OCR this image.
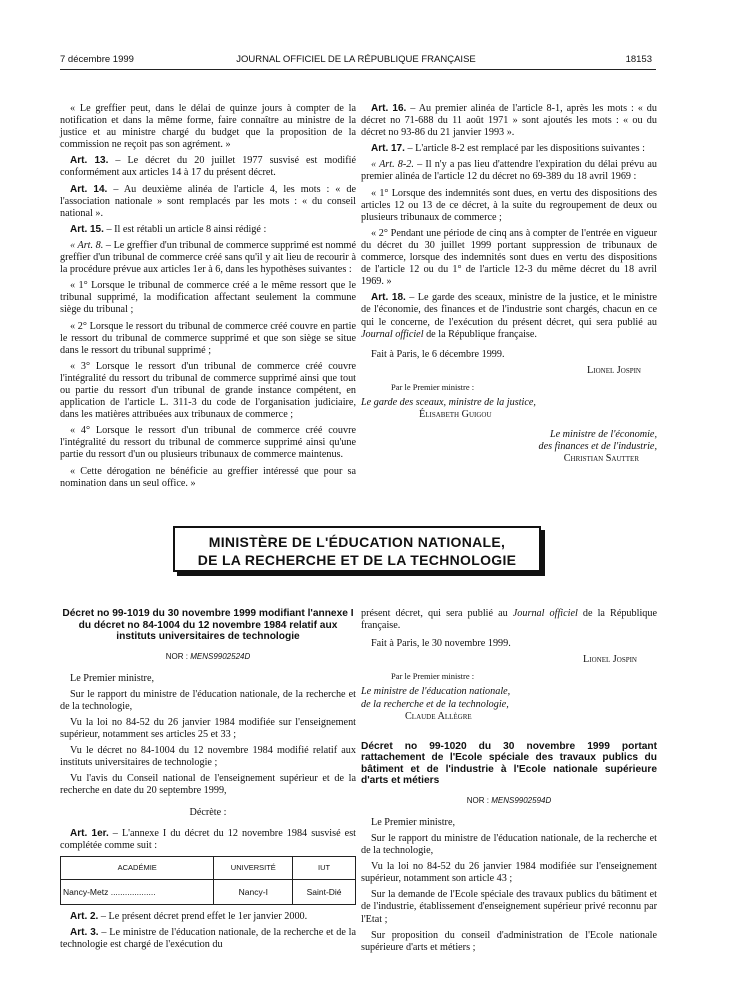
7 décembre 1999	JOURNAL OFFICIEL DE LA RÉPUBLIQUE FRANÇAISE	18153

« Le greffier peut, dans le délai de quinze jours à compter de la notification et dans la même forme, faire connaître au ministre de la justice et au ministre chargé du budget que la proposition de la commission ne reçoit pas son agrément. »

Art. 13. – Le décret du 20 juillet 1977 susvisé est modifié conformément aux articles 14 à 17 du présent décret.

Art. 14. – Au deuxième alinéa de l'article 4, les mots : « de l'association nationale » sont remplacés par les mots : « du conseil national ».

Art. 15. – Il est rétabli un article 8 ainsi rédigé :

« Art. 8. – Le greffier d'un tribunal de commerce supprimé est nommé greffier d'un tribunal de commerce créé sans qu'il y ait lieu de recourir à la procédure prévue aux articles 1er à 6, dans les hypothèses suivantes :

« 1° Lorsque le tribunal de commerce créé a le même ressort que le tribunal supprimé, la modification affectant seulement la commune siège du tribunal ;

« 2° Lorsque le ressort du tribunal de commerce créé couvre en partie le ressort du tribunal de commerce supprimé et que son siège se situe dans le ressort du tribunal supprimé ;

« 3° Lorsque le ressort d'un tribunal de commerce créé couvre l'intégralité du ressort du tribunal de commerce supprimé ainsi que tout ou partie du ressort d'un tribunal de grande instance compétent, en application de l'article L. 311-3 du code de l'organisation judiciaire, dans les matières attribuées aux tribunaux de commerce ;

« 4° Lorsque le ressort d'un tribunal de commerce créé couvre l'intégralité du ressort du tribunal de commerce supprimé ainsi qu'une partie du ressort d'un ou plusieurs tribunaux de commerce maintenus.

« Cette dérogation ne bénéficie au greffier intéressé que pour sa nomination dans un seul office. »

Art. 16. – Au premier alinéa de l'article 8-1, après les mots : « du décret no 71-688 du 11 août 1971 » sont ajoutés les mots : « ou du décret no 93-86 du 21 janvier 1993 ».

Art. 17. – L'article 8-2 est remplacé par les dispositions suivantes :

« Art. 8-2. – Il n'y a pas lieu d'attendre l'expiration du délai prévu au premier alinéa de l'article 12 du décret no 69-389 du 18 avril 1969 :

« 1° Lorsque des indemnités sont dues, en vertu des dispositions des articles 12 ou 13 de ce décret, à la suite du regroupement de deux ou plusieurs tribunaux de commerce ;

« 2° Pendant une période de cinq ans à compter de l'entrée en vigueur du décret du 30 juillet 1999 portant suppression de tribunaux de commerce, lorsque des indemnités sont dues en vertu des dispositions de l'article 12 ou du 1° de l'article 12-3 du même décret du 18 avril 1969. »

Art. 18. – Le garde des sceaux, ministre de la justice, et le ministre de l'économie, des finances et de l'industrie sont chargés, chacun en ce qui le concerne, de l'exécution du présent décret, qui sera publié au Journal officiel de la République française.

Fait à Paris, le 6 décembre 1999.

Lionel Jospin

Par le Premier ministre :

Le garde des sceaux, ministre de la justice,

Élisabeth Guigou

Le ministre de l'économie,

des finances et de l'industrie,

Christian Sautter

MINISTÈRE DE L'ÉDUCATION NATIONALE,
DE LA RECHERCHE ET DE LA TECHNOLOGIE
Décret no 99-1019 du 30 novembre 1999 modifiant l'annexe I du décret no 84-1004 du 12 novembre 1984 relatif aux instituts universitaires de technologie
NOR : MENS9902524D

Le Premier ministre,

Sur le rapport du ministre de l'éducation nationale, de la recherche et de la technologie,

Vu la loi no 84-52 du 26 janvier 1984 modifiée sur l'enseignement supérieur, notamment ses articles 25 et 33 ;

Vu le décret no 84-1004 du 12 novembre 1984 modifié relatif aux instituts universitaires de technologie ;

Vu l'avis du Conseil national de l'enseignement supérieur et de la recherche en date du 20 septembre 1999,

Décrète :

Art. 1er. – L'annexe I du décret du 12 novembre 1984 susvisé est complétée comme suit :

ACADÉMIE	UNIVERSITÉ	IUT
Nancy-Metz ...................	Nancy-I	Saint-Dié

Art. 2. – Le présent décret prend effet le 1er janvier 2000.

Art. 3. – Le ministre de l'éducation nationale, de la recherche et de la technologie est chargé de l'exécution du

présent décret, qui sera publié au Journal officiel de la République française.

Fait à Paris, le 30 novembre 1999.

Lionel Jospin

Par le Premier ministre :

Le ministre de l'éducation nationale,

de la recherche et de la technologie,

Claude Allègre

Décret no 99-1020 du 30 novembre 1999 portant rattachement de l'Ecole spéciale des travaux publics du bâtiment et de l'industrie à l'Ecole nationale supérieure d'arts et métiers
NOR : MENS9902594D

Le Premier ministre,

Sur le rapport du ministre de l'éducation nationale, de la recherche et de la technologie,

Vu la loi no 84-52 du 26 janvier 1984 modifiée sur l'enseignement supérieur, notamment son article 43 ;

Sur la demande de l'Ecole spéciale des travaux publics du bâtiment et de l'industrie, établissement d'enseignement supérieur privé reconnu par l'Etat ;

Sur proposition du conseil d'administration de l'Ecole nationale supérieure d'arts et métiers ;
